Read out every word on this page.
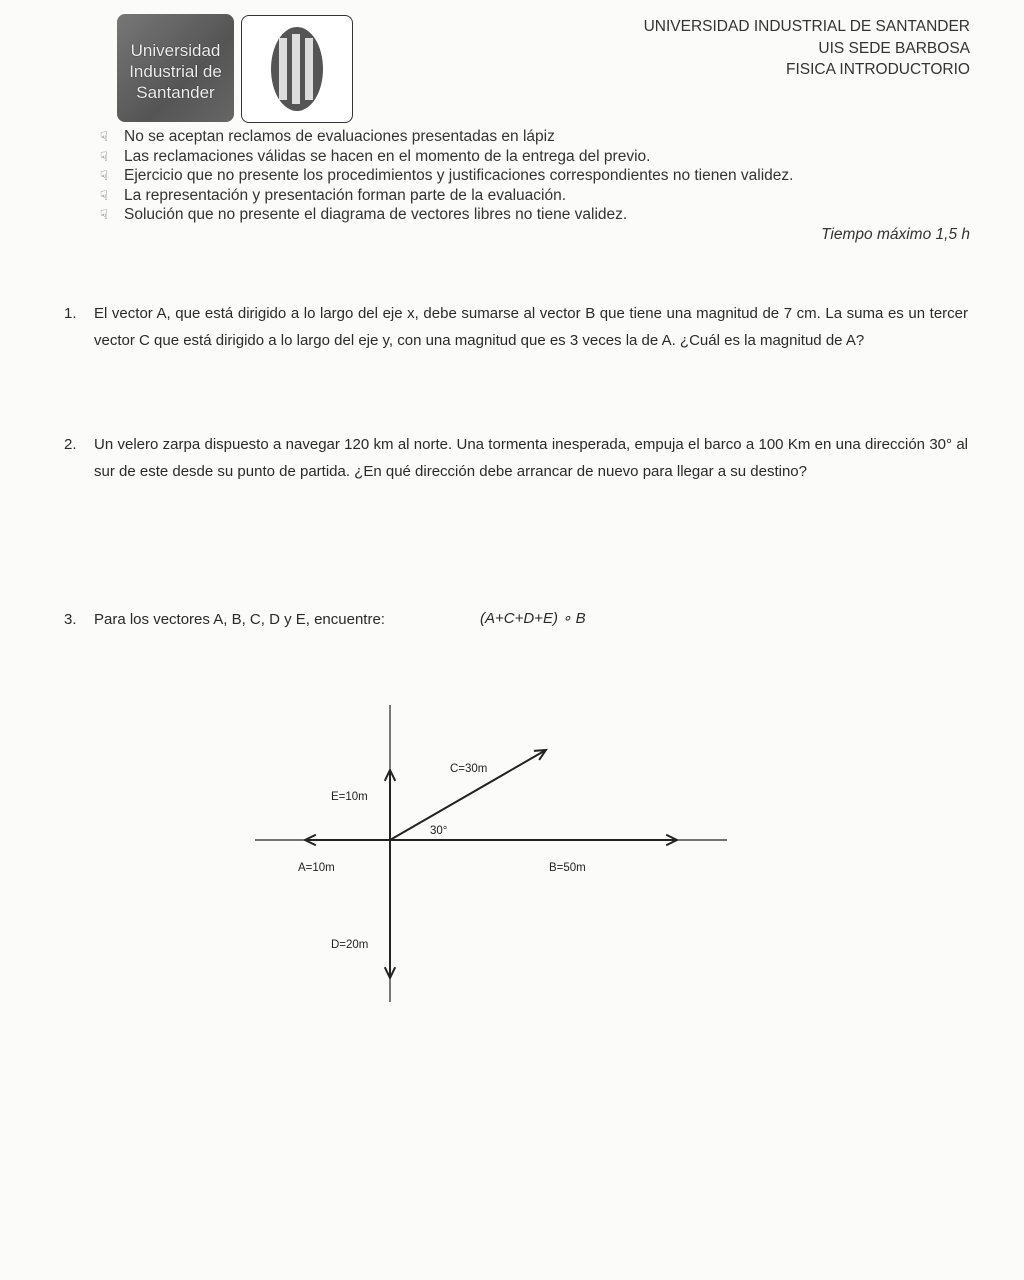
Universidad
Industrial de
Santander
UNIVERSIDAD INDUSTRIAL DE SANTANDER
UIS SEDE BARBOSA
FISICA INTRODUCTORIO
☟	No se aceptan reclamos de evaluaciones presentadas en lápiz
☟	Las reclamaciones válidas se hacen en el momento de la entrega del previo.
☟	Ejercicio que no presente los procedimientos y justificaciones correspondientes no tienen validez.
☟	La representación y presentación forman parte de la evaluación.
☟	Solución que no presente el diagrama de vectores libres no tiene validez.
Tiempo máximo 1,5 h
1. El vector A, que está dirigido a lo largo del eje x, debe sumarse al vector B que tiene una magnitud de 7 cm. La suma es un tercer vector C que está dirigido a lo largo del eje y, con una magnitud que es 3 veces la de A. ¿Cuál es la magnitud de A?
2. Un velero zarpa dispuesto a navegar 120 km al norte. Una tormenta inesperada, empuja el barco a 100 Km en una dirección 30° al sur de este desde su punto de partida. ¿En qué dirección debe arrancar de nuevo para llegar a su destino?
3. Para los vectores A, B, C, D y E, encuentre:	(A+C+D+E) ∘ B
C=30m
E=10m
30°
A=10m	B=50m
D=20m
